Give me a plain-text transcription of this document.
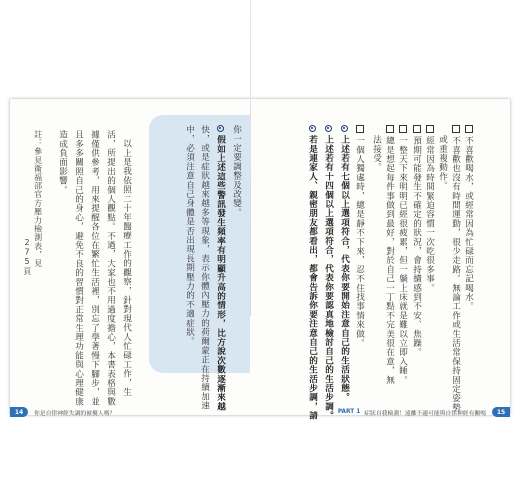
不喜歡喝水，或經常因為忙碌而忘記喝水。
不喜歡也沒有時間運動，很少走路。無論工作或生活常保持固定姿勢
或重複動作。
經常因為時間緊迫容慣一次吃很多事。
預期可能發生不確定的狀況，會持續感到不安、焦躁。
一整天下來明明已經很疲累，但一躺上床就是難以立即入睡。
總是想起每件事做到最好，對於自己一丁點不完美很在意，無
法接受。
一個人獨處時，總是靜不下來，忍不住找事情來做。
上述若有七個以上選項符合，代表你要開始注意自己的生活狀態。
上述若有十四個以上選項符合，代表你要認真地檢討自己的生活步調。
若是連家人、親密朋友都看出，都會告訴你要注意自己的生活步調，請
你一定要調整及改變。
假如上述這些警訊發生頻率有明顯升高的情形，比方說次數逐漸來越
快，或是症狀越來越多等現象，表示你體內壓力的荷爾蒙正在持續加速
中，必須注意自己身體是否出現長期壓力的不適症狀。
以上是我依照二十年醫療工作的觀察，針對現代人忙碌工作，生
活，所提出的個人觀點。不過，大家也不用過度擔心，本書表格與數
據僅供參考，用來提醒各位在繁忙生活裡，別忘了學著慢下腳步，並
且多多關照自己的身心，避免不良的習慣對正常生理功能與心理健康
造成負面影響。
註：參見衛福部官方壓力檢測表，見
275頁
14	你是自律神經失調的被擾人嗎？	PART 1 症狀自我檢測！遠離不適可能與自律神經有關嗎	15
